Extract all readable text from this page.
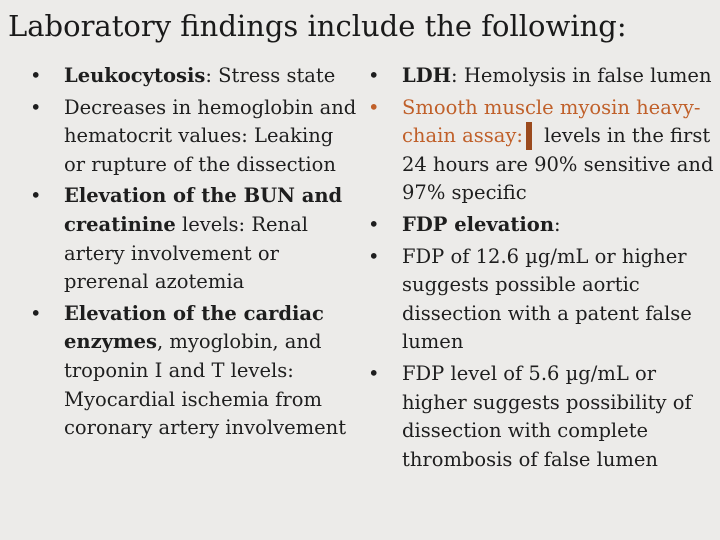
Laboratory findings include the following:
•	Leukocytosis: Stress state
•	Decreases in hemoglobin and hematocrit values: Leaking or rupture of the dissection
•	Elevation of the BUN and creatinine levels: Renal artery involvement or prerenal azotemia
•	Elevation of the cardiac enzymes, myoglobin, and troponin I and T levels: Myocardial ischemia from coronary artery involvement
•	LDH: Hemolysis in false lumen
•	Smooth muscle myosin heavy-chain assay: levels in the first 24 hours are 90% sensitive and 97% specific
•	FDP elevation:
•	FDP of 12.6 µg/mL or higher suggests possible aortic dissection with a patent false lumen
•	FDP level of 5.6 µg/mL or higher suggests possibility of dissection with complete thrombosis of false lumen
